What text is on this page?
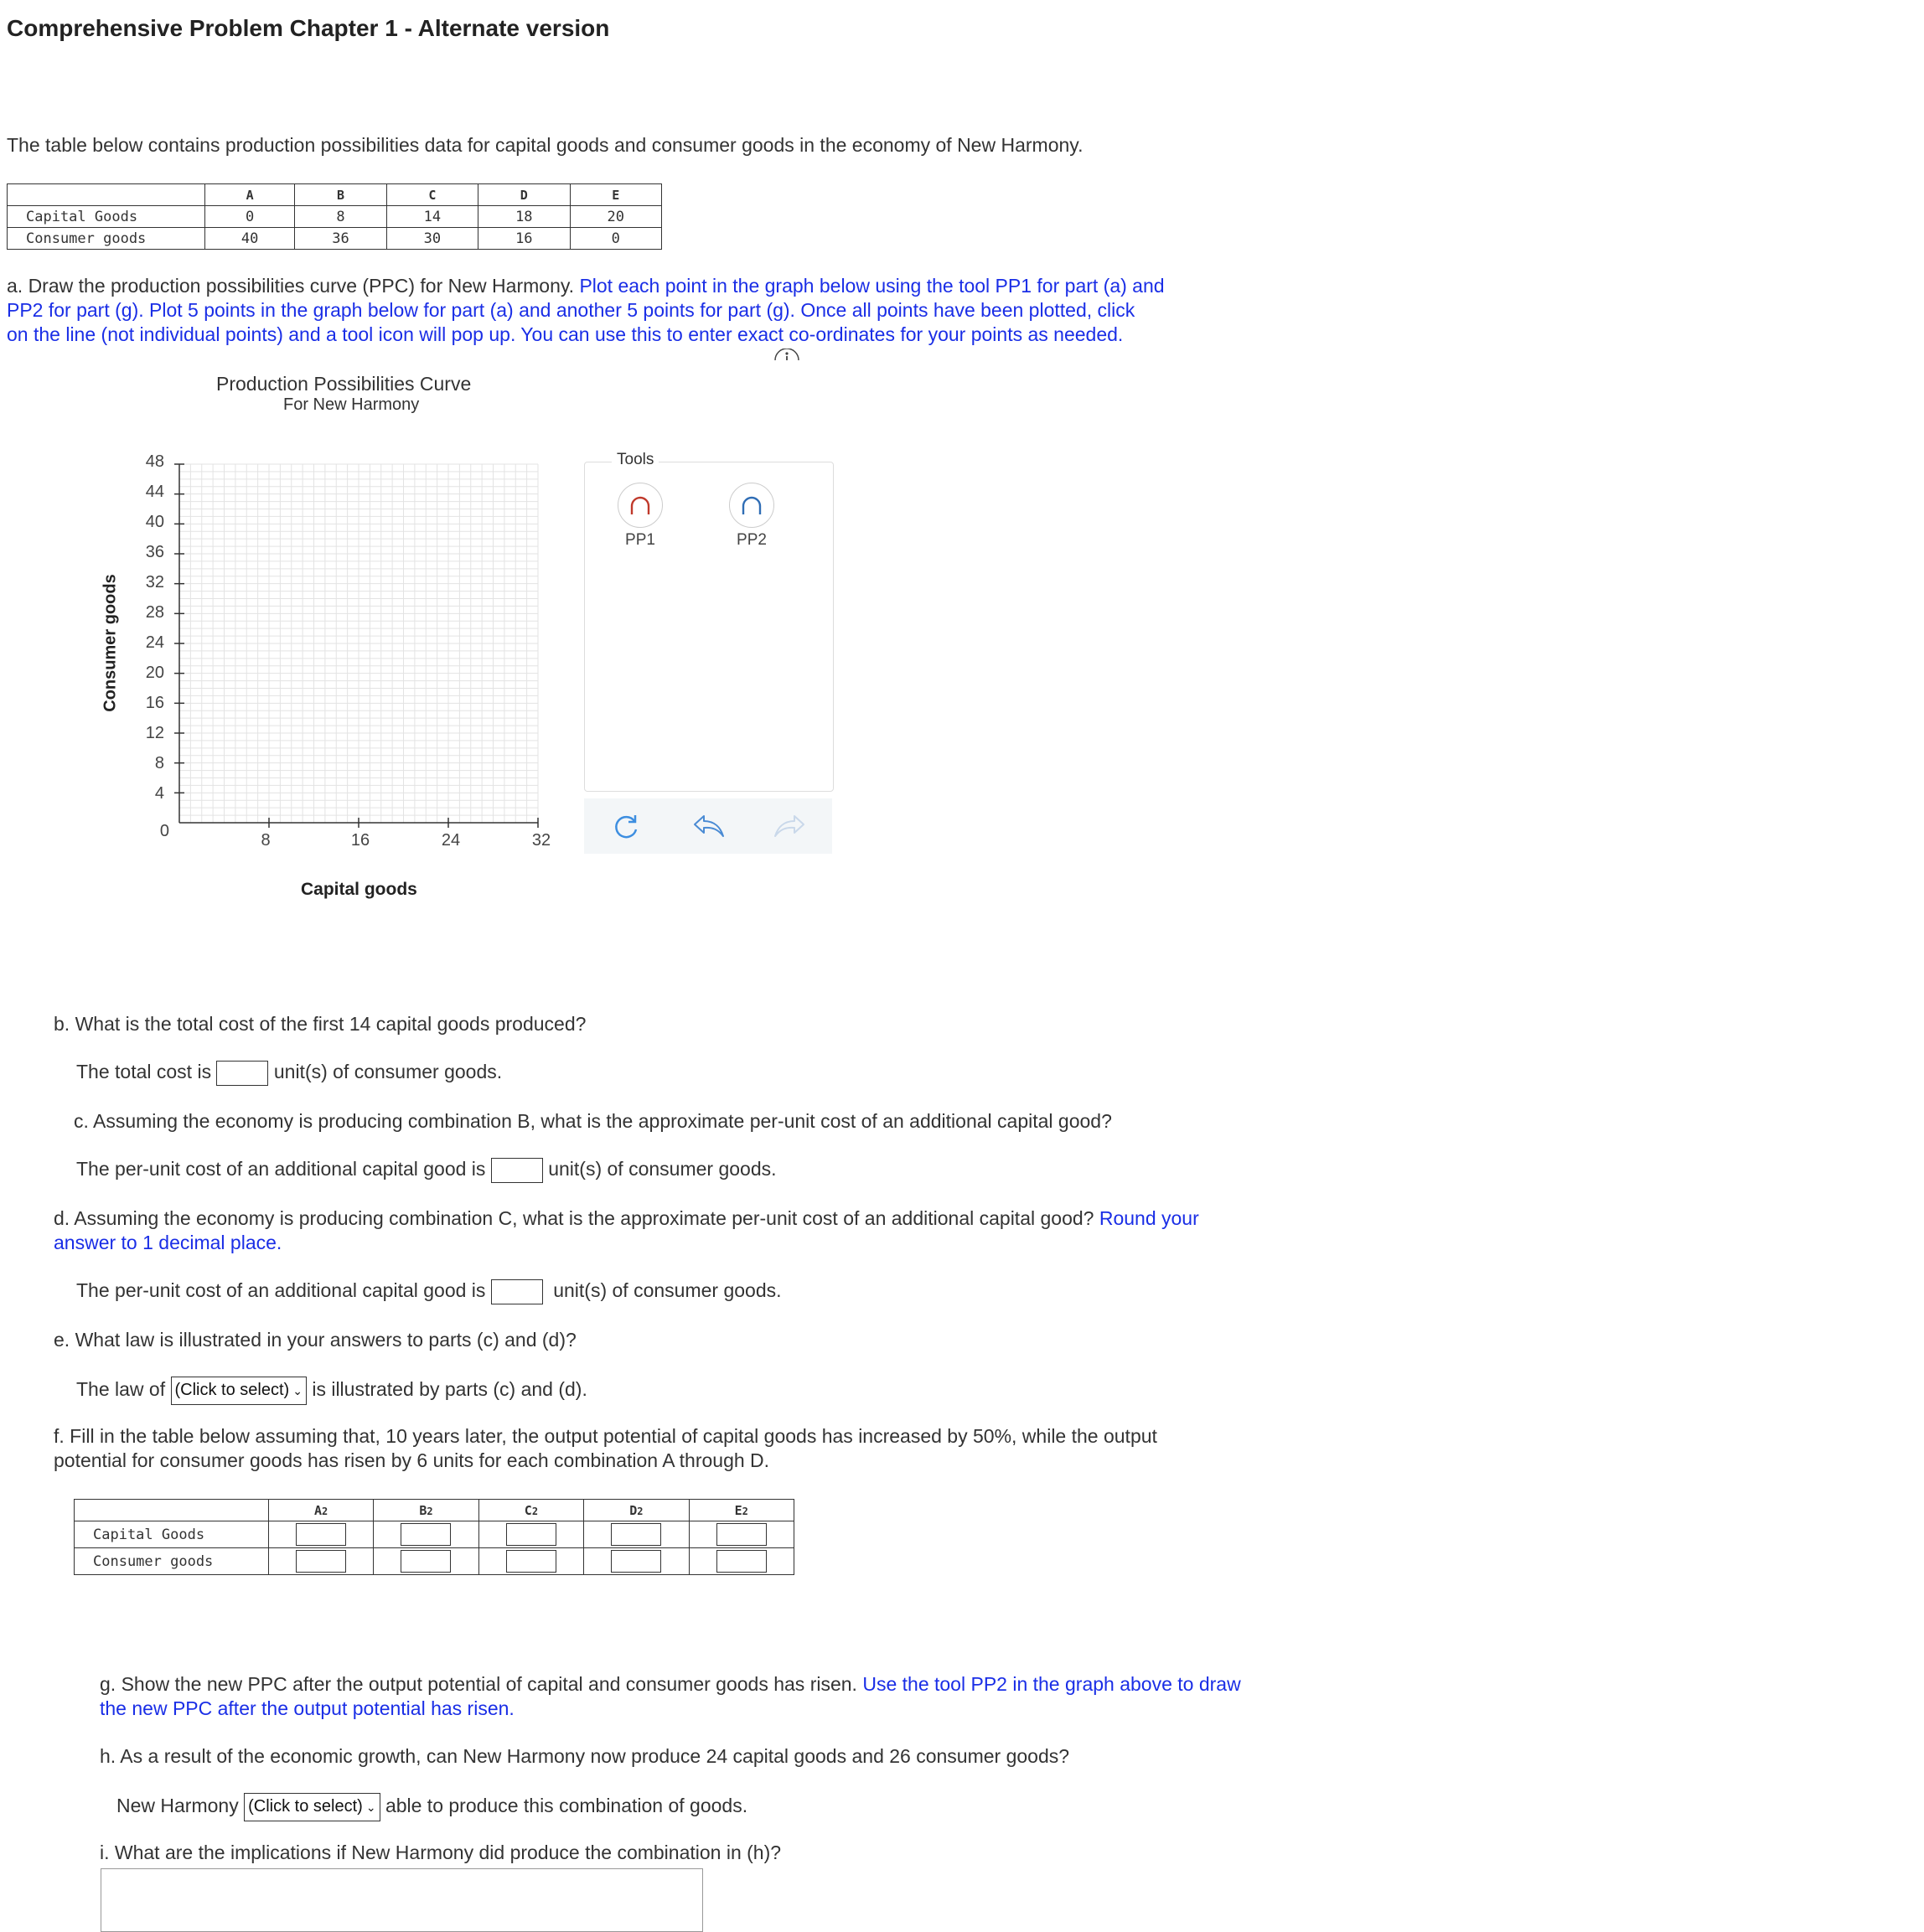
Comprehensive Problem Chapter 1 - Alternate version
The table below contains production possibilities data for capital goods and consumer goods in the economy of New Harmony.
	A	B	C	D	E
Capital Goods	0	8	14	18	20
Consumer goods	40	36	30	16	0
a. Draw the production possibilities curve (PPC) for New Harmony. Plot each point in the graph below using the tool PP1 for part (a) and
PP2 for part (g). Plot 5 points in the graph below for part (a) and another 5 points for part (g). Once all points have been plotted, click
on the line (not individual points) and a tool icon will pop up. You can use this to enter exact co-ordinates for your points as needed.
Production Possibilities Curve
For New Harmony
Consumer goods
48
44
40
36
32
28
24
20
16
12
8
4
0	8	16	24	32
Capital goods
Tools
PP1	PP2
b. What is the total cost of the first 14 capital goods produced?
The total cost is	unit(s) of consumer goods.
c. Assuming the economy is producing combination B, what is the approximate per-unit cost of an additional capital good?
The per-unit cost of an additional capital good is	unit(s) of consumer goods.
d. Assuming the economy is producing combination C, what is the approximate per-unit cost of an additional capital good? Round your
answer to 1 decimal place.
The per-unit cost of an additional capital good is	unit(s) of consumer goods.
e. What law is illustrated in your answers to parts (c) and (d)?
The law of (Click to select) ⌄ is illustrated by parts (c) and (d).
f. Fill in the table below assuming that, 10 years later, the output potential of capital goods has increased by 50%, while the output
potential for consumer goods has risen by 6 units for each combination A through D.
	A2	B2	C2	D2	E2
Capital Goods	

Consumer goods	

g. Show the new PPC after the output potential of capital and consumer goods has risen. Use the tool PP2 in the graph above to draw
the new PPC after the output potential has risen.
h. As a result of the economic growth, can New Harmony now produce 24 capital goods and 26 consumer goods?
New Harmony (Click to select) ⌄ able to produce this combination of goods.
i. What are the implications if New Harmony did produce the combination in (h)?
